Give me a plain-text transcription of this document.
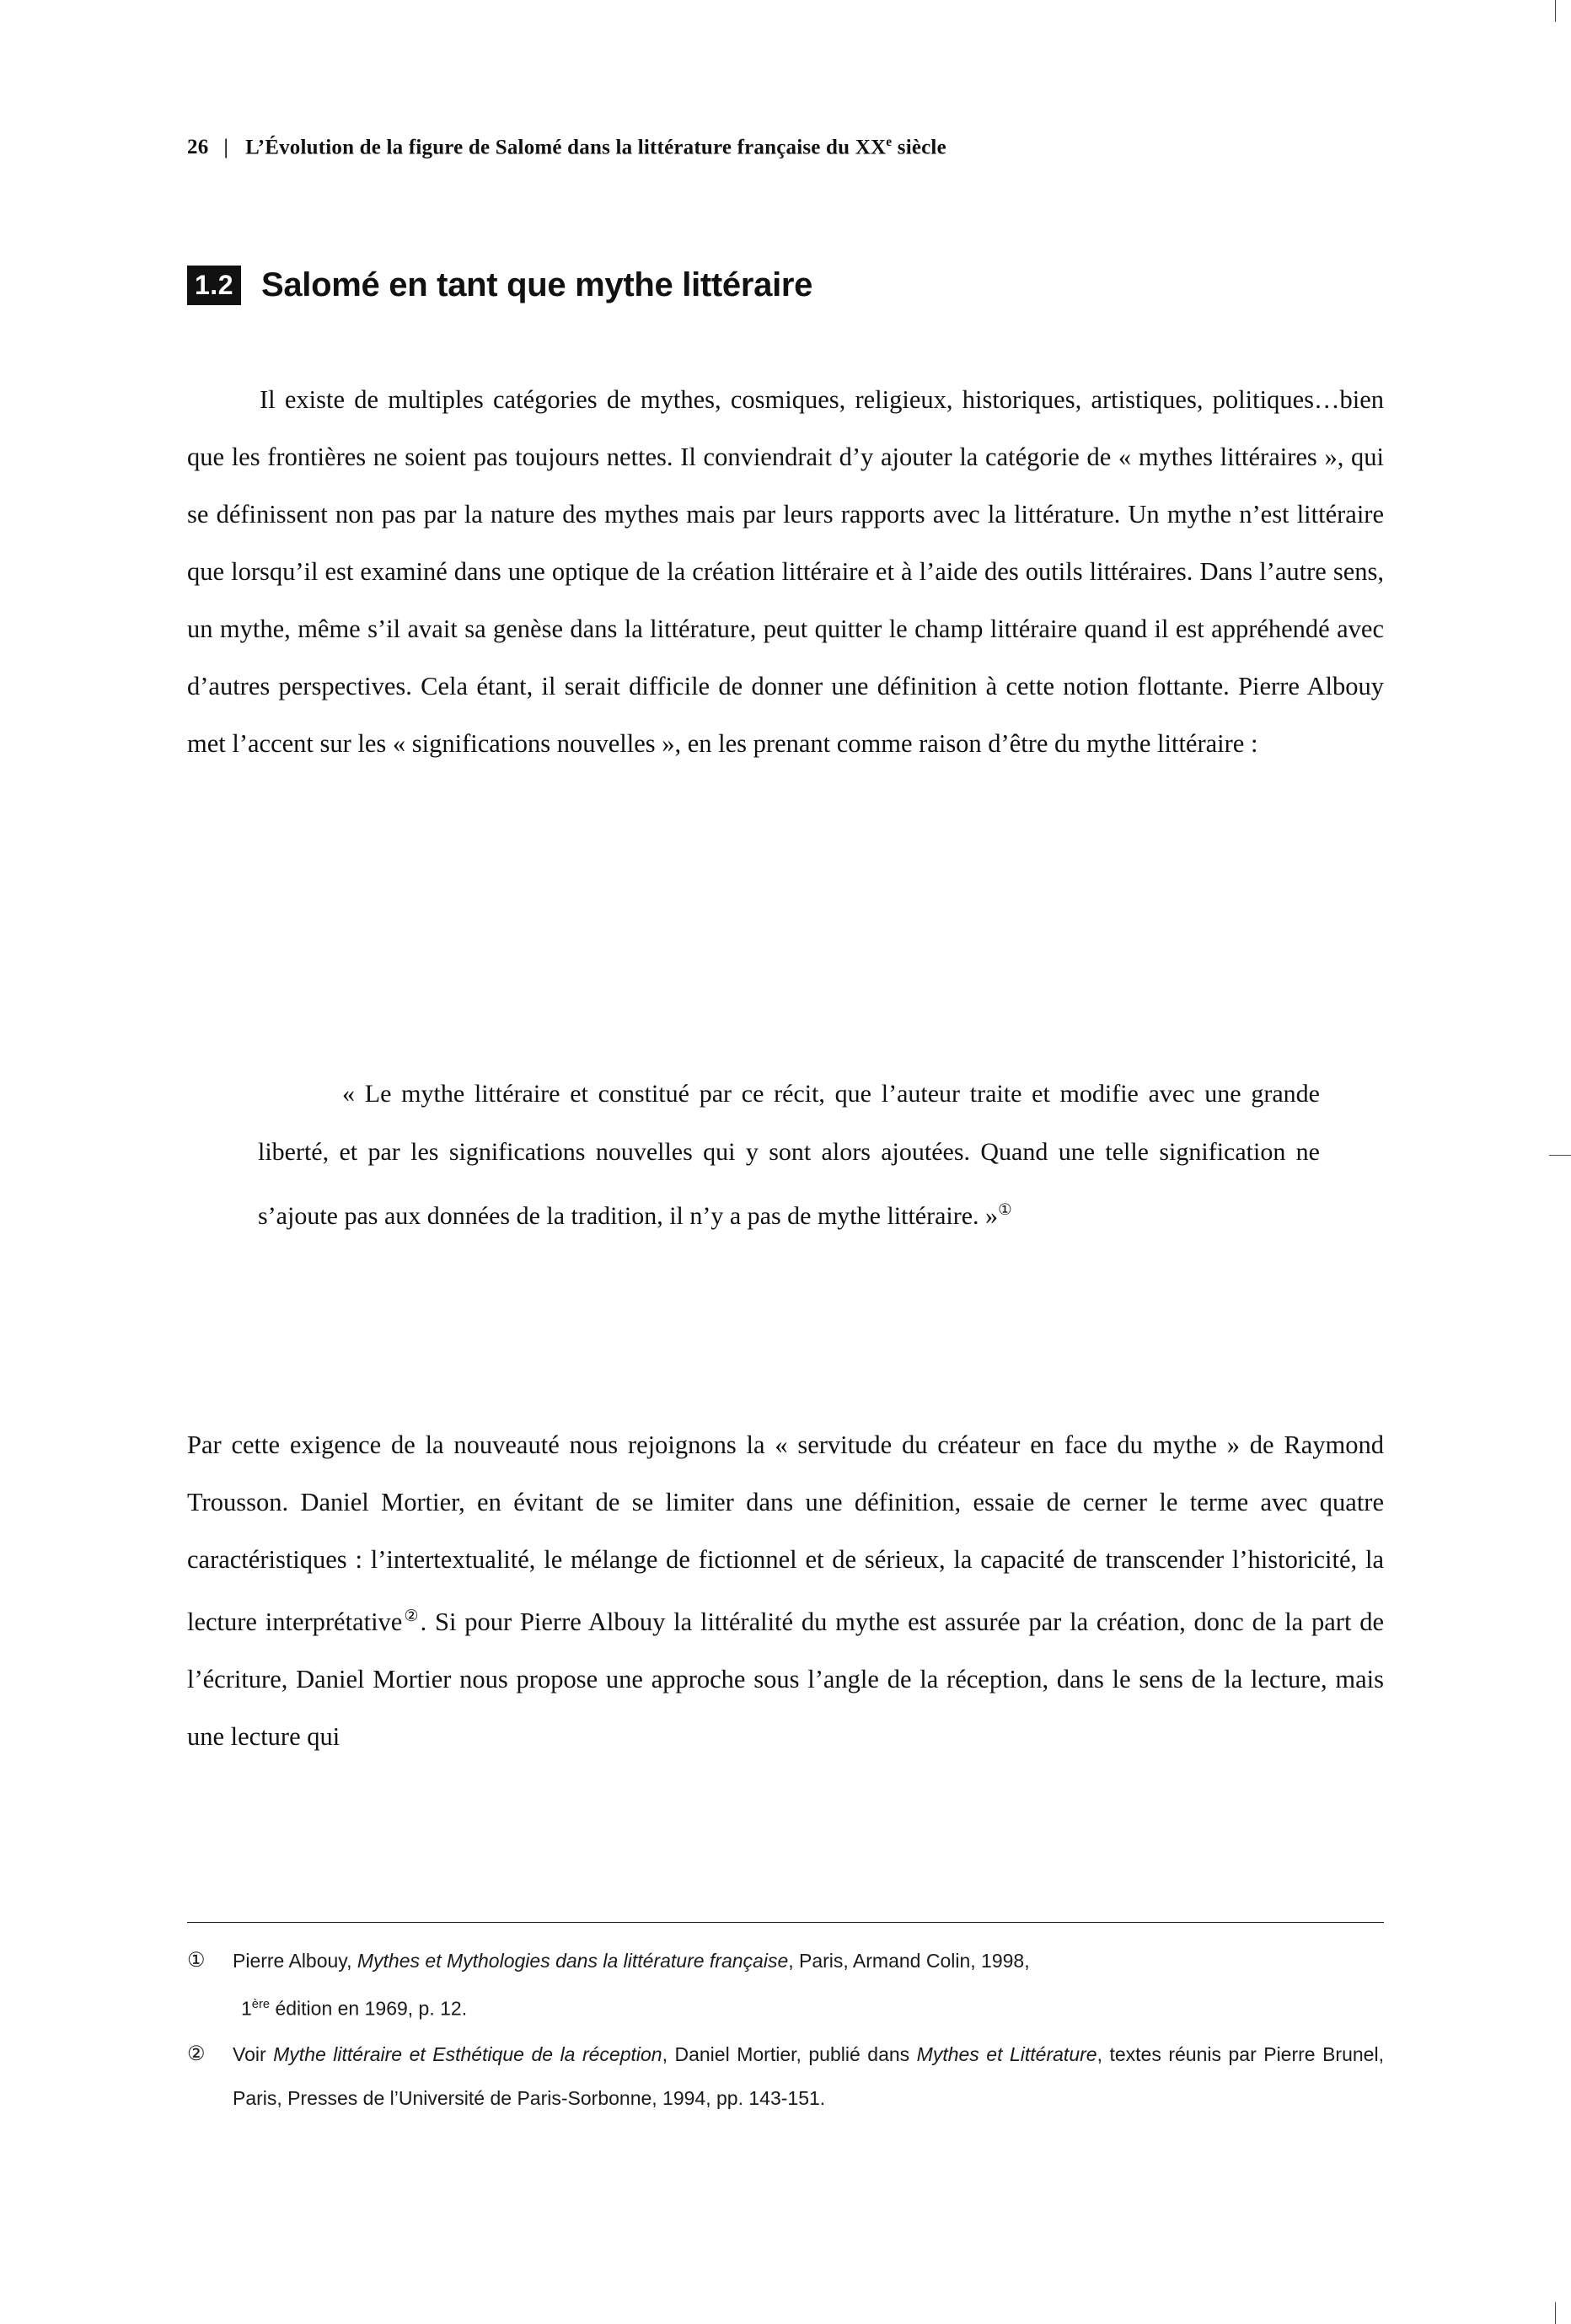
26 | L’Évolution de la figure de Salomé dans la littérature française du XXe siècle
1.2 Salomé en tant que mythe littéraire
Il existe de multiples catégories de mythes, cosmiques, religieux, historiques, artistiques, politiques…bien que les frontières ne soient pas toujours nettes. Il conviendrait d’y ajouter la catégorie de « mythes littéraires », qui se définissent non pas par la nature des mythes mais par leurs rapports avec la littérature. Un mythe n’est littéraire que lorsqu’il est examiné dans une optique de la création littéraire et à l’aide des outils littéraires. Dans l’autre sens, un mythe, même s’il avait sa genèse dans la littérature, peut quitter le champ littéraire quand il est appréhendé avec d’autres perspectives. Cela étant, il serait difficile de donner une définition à cette notion flottante. Pierre Albouy met l’accent sur les « significations nouvelles », en les prenant comme raison d’être du mythe littéraire :
« Le mythe littéraire et constitué par ce récit, que l’auteur traite et modifie avec une grande liberté, et par les significations nouvelles qui y sont alors ajoutées. Quand une telle signification ne s’ajoute pas aux données de la tradition, il n’y a pas de mythe littéraire. »①
Par cette exigence de la nouveauté nous rejoignons la « servitude du créateur en face du mythe » de Raymond Trousson. Daniel Mortier, en évitant de se limiter dans une définition, essaie de cerner le terme avec quatre caractéristiques : l’intertextualité, le mélange de fictionnel et de sérieux, la capacité de transcender l’historicité, la lecture interprétative②. Si pour Pierre Albouy la littéralité du mythe est assurée par la création, donc de la part de l’écriture, Daniel Mortier nous propose une approche sous l’angle de la réception, dans le sens de la lecture, mais une lecture qui
①	Pierre Albouy, Mythes et Mythologies dans la littérature française, Paris, Armand Colin, 1998,
1ère édition en 1969, p. 12.
②	Voir Mythe littéraire et Esthétique de la réception, Daniel Mortier, publié dans Mythes et Littérature, textes réunis par Pierre Brunel, Paris, Presses de l’Université de Paris-Sorbonne, 1994, pp. 143-151.
